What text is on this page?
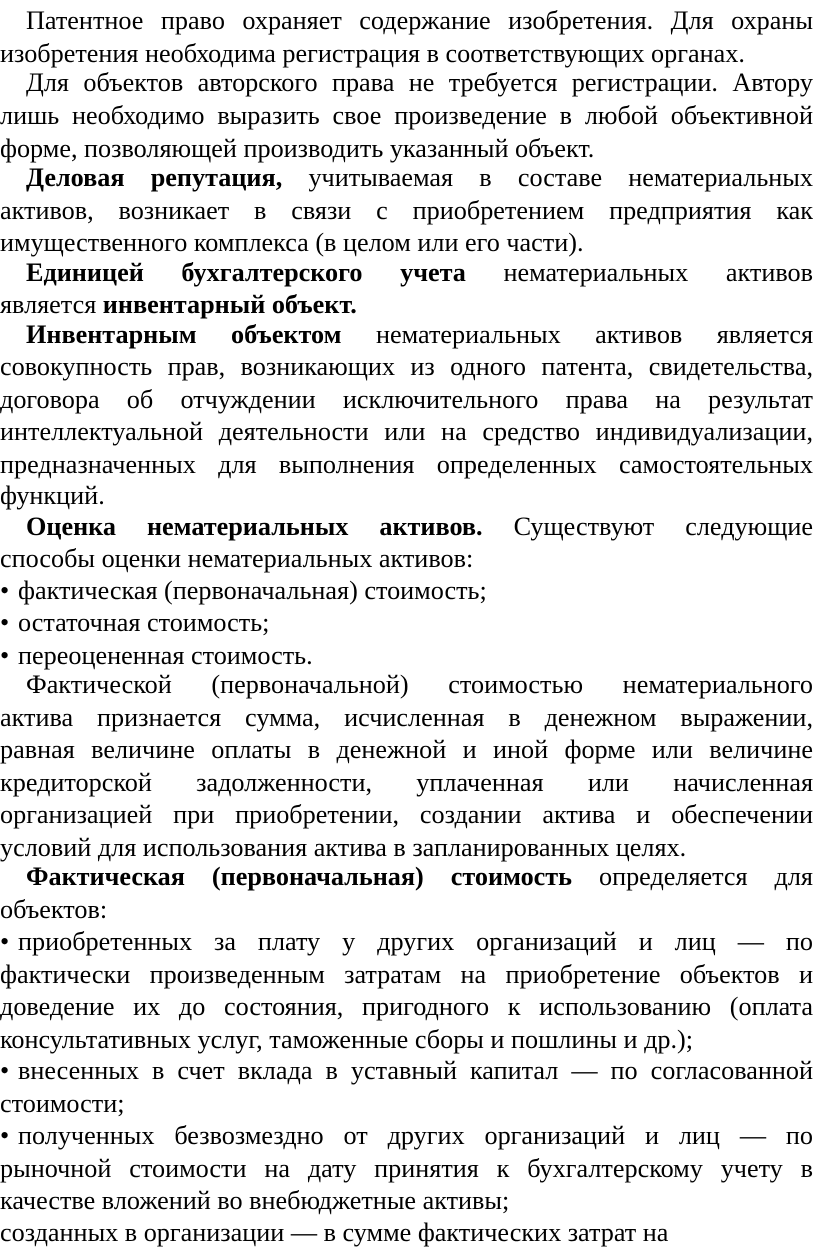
Патентное право охраняет содержание изобретения. Для охраны
изобретения необходима регистрация в соответствующих органах.
Для объектов авторского права не требуется регистрации. Автору
лишь необходимо выразить свое произведение в любой объективной
форме, позволяющей производить указанный объект.
Деловая репутация, учитываемая в составе нематериальных
активов, возникает в связи с приобретением предприятия как
имущественного комплекса (в целом или его части).
Единицей бухгалтерского учета нематериальных активов
является инвентарный объект.
Инвентарным объектом нематериальных активов является
совокупность прав, возникающих из одного патента, свидетельства,
договора об отчуждении исключительного права на результат
интеллектуальной деятельности или на средство индивидуализации,
предназначенных для выполнения определенных самостоятельных
функций.
Оценка нематериальных активов. Существуют следующие
способы оценки нематериальных активов:
• фактическая (первоначальная) стоимость;
• остаточная стоимость;
• переоцененная стоимость.
Фактической (первоначальной) стоимостью нематериального
актива признается сумма, исчисленная в денежном выражении,
равная величине оплаты в денежной и иной форме или величине
кредиторской задолженности, уплаченная или начисленная
организацией при приобретении, создании актива и обеспечении
условий для использования актива в запланированных целях.
Фактическая (первоначальная) стоимость определяется для
объектов:
• приобретенных за плату у других организаций и лиц — по
фактически произведенным затратам на приобретение объектов и
доведение их до состояния, пригодного к использованию (оплата
консультативных услуг, таможенные сборы и пошлины и др.);
• внесенных в счет вклада в уставный капитал — по согласованной
стоимости;
• полученных безвозмездно от других организаций и лиц — по
рыночной стоимости на дату принятия к бухгалтерскому учету в
качестве вложений во внебюджетные активы;
созданных в организации — в сумме фактических затрат на
